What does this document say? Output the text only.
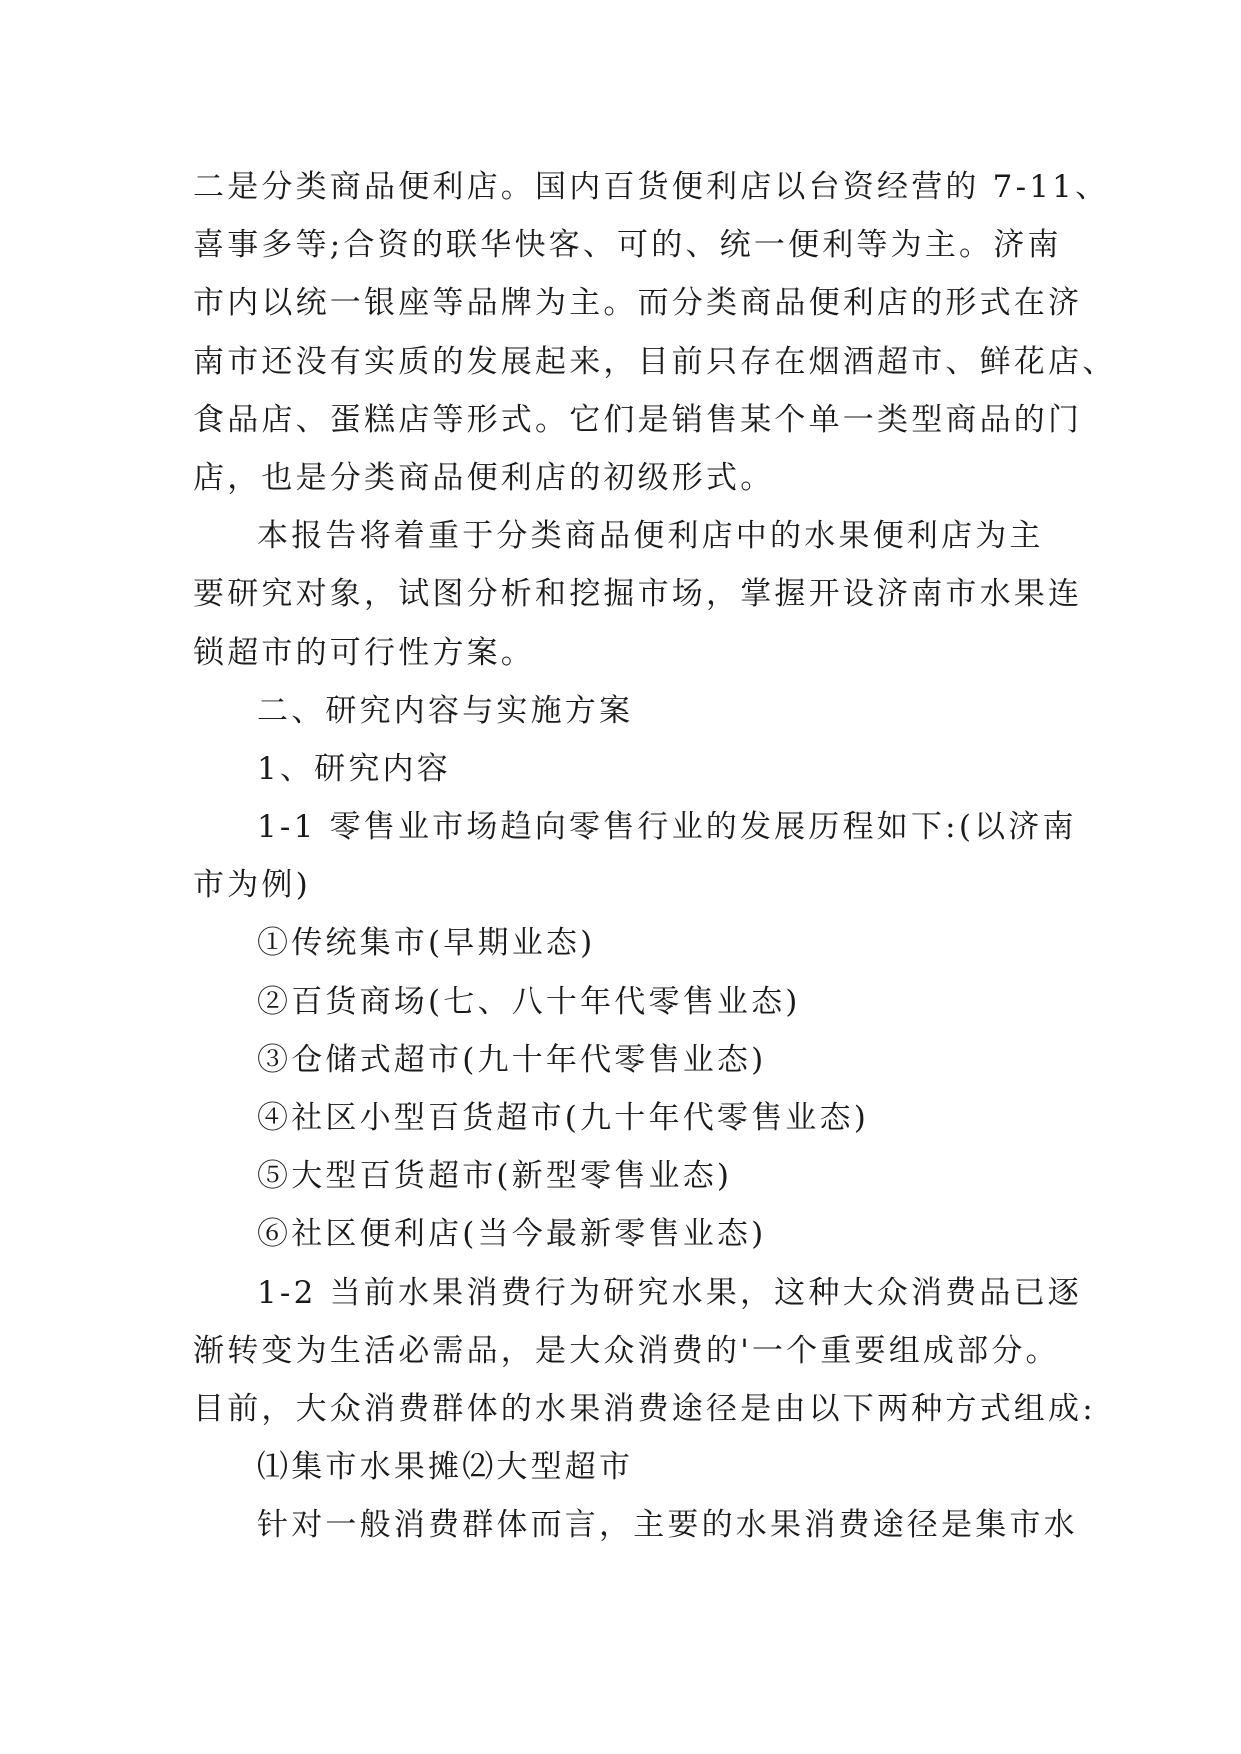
二是分类商品便利店。国内百货便利店以台资经营的 7-11、
喜事多等;合资的联华快客、可的、统一便利等为主。济南
市内以统一银座等品牌为主。而分类商品便利店的形式在济
南市还没有实质的发展起来，目前只存在烟酒超市、鲜花店、
食品店、蛋糕店等形式。它们是销售某个单一类型商品的门
店，也是分类商品便利店的初级形式。
本报告将着重于分类商品便利店中的水果便利店为主
要研究对象，试图分析和挖掘市场，掌握开设济南市水果连
锁超市的可行性方案。
二、研究内容与实施方案
1、研究内容
1-1 零售业市场趋向零售行业的发展历程如下:(以济南
市为例)
①传统集市(早期业态)
②百货商场(七、八十年代零售业态)
③仓储式超市(九十年代零售业态)
④社区小型百货超市(九十年代零售业态)
⑤大型百货超市(新型零售业态)
⑥社区便利店(当今最新零售业态)
1-2 当前水果消费行为研究水果，这种大众消费品已逐
渐转变为生活必需品，是大众消费的'一个重要组成部分。
目前，大众消费群体的水果消费途径是由以下两种方式组成:
⑴集市水果摊⑵大型超市
针对一般消费群体而言，主要的水果消费途径是集市水
